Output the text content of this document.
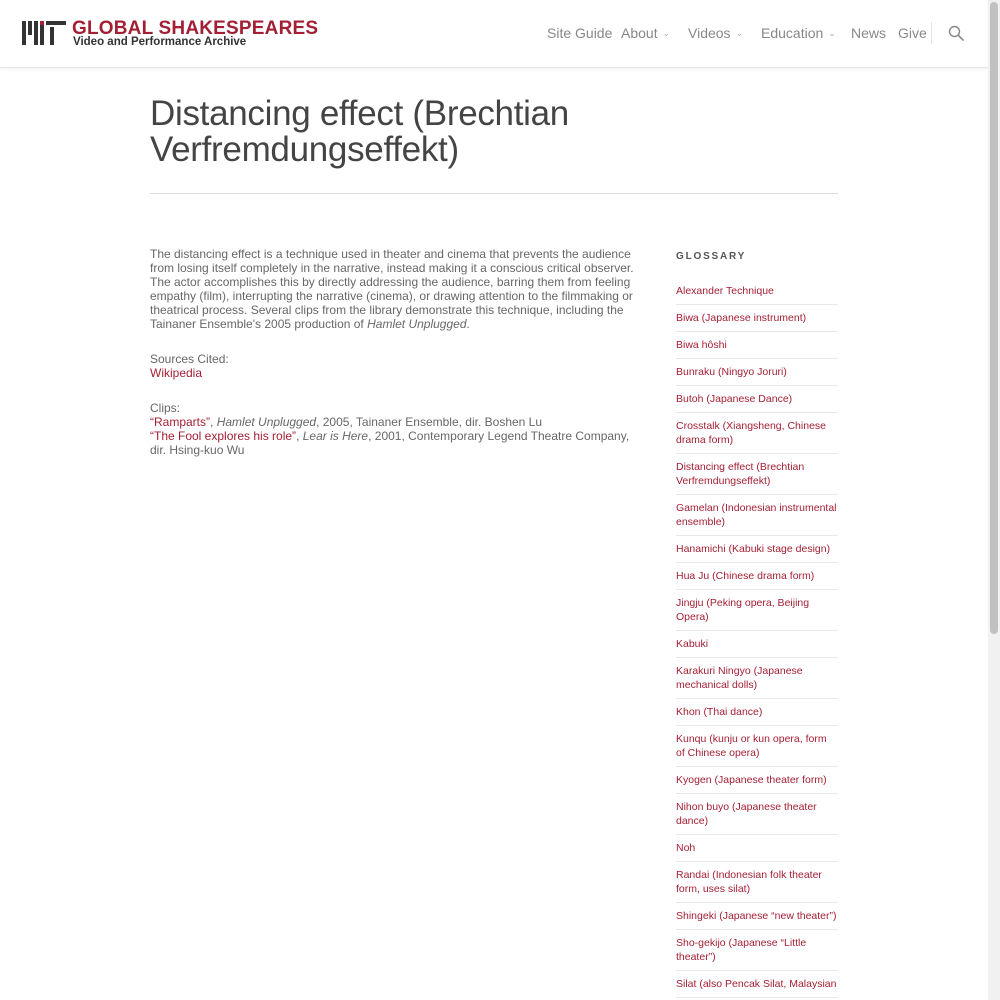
GLOBAL SHAKESPEARES
Video and Performance Archive
Site Guide About ⌄ Videos ⌄ Education ⌄ News Give
Distancing effect (Brechtian Verfremdungseffekt)

The distancing effect is a technique used in theater and cinema that prevents the audience from losing itself completely in the narrative, instead making it a conscious critical observer. The actor accomplishes this by directly addressing the audience, barring them from feeling empathy (film), interrupting the narrative (cinema), or drawing attention to the filmmaking or theatrical process. Several clips from the library demonstrate this technique, including the Tainaner Ensemble's 2005 production of Hamlet Unplugged.

Sources Cited:
Wikipedia

Clips:
“Ramparts”, Hamlet Unplugged, 2005, Tainaner Ensemble, dir. Boshen Lu
“The Fool explores his role”, Lear is Here, 2001, Contemporary Legend Theatre Company, dir. Hsing-kuo Wu

GLOSSARY
Alexander Technique
Biwa (Japanese instrument)
Biwa hôshi
Bunraku (Ningyo Joruri)
Butoh (Japanese Dance)
Crosstalk (Xiangsheng, Chinese drama form)
Distancing effect (Brechtian Verfremdungseffekt)
Gamelan (Indonesian instrumental ensemble)
Hanamichi (Kabuki stage design)
Hua Ju (Chinese drama form)
Jingju (Peking opera, Beijing Opera)
Kabuki
Karakuri Ningyo (Japanese mechanical dolls)
Khon (Thai dance)
Kunqu (kunju or kun opera, form of Chinese opera)
Kyogen (Japanese theater form)
Nihon buyo (Japanese theater dance)
Noh
Randai (Indonesian folk theater form, uses silat)
Shingeki (Japanese “new theater”)
Sho-gekijo (Japanese “Little theater”)
Silat (also Pencak Silat, Malaysian
